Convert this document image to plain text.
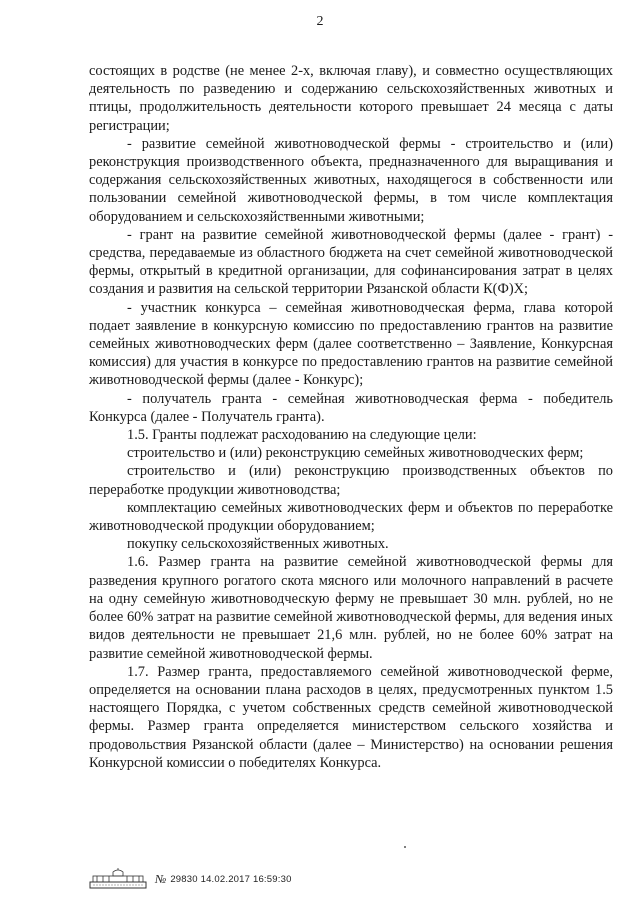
2

состоящих в родстве (не менее 2-х, включая главу), и совместно осуществляющих деятельность по разведению и содержанию сельскохозяйственных животных и птицы, продолжительность деятельности которого превышает 24 месяца с даты регистрации;

- развитие семейной животноводческой фермы - строительство и (или) реконструкция производственного объекта, предназначенного для выращивания и содержания сельскохозяйственных животных, находящегося в собственности или пользовании семейной животноводческой фермы, в том числе комплектация оборудованием и сельскохозяйственными животными;

- грант на развитие семейной животноводческой фермы (далее - грант) - средства, передаваемые из областного бюджета на счет семейной животноводческой фермы, открытый в кредитной организации, для софинансирования затрат в целях создания и развития на сельской территории Рязанской области К(Ф)Х;

- участник конкурса – семейная животноводческая ферма, глава которой подает заявление в конкурсную комиссию по предоставлению грантов на развитие семейных животноводческих ферм (далее соответственно – Заявление, Конкурсная комиссия) для участия в конкурсе по предоставлению грантов на развитие семейной животноводческой фермы (далее - Конкурс);

- получатель гранта - семейная животноводческая ферма - победитель Конкурса (далее - Получатель гранта).

1.5. Гранты подлежат расходованию на следующие цели:

строительство и (или) реконструкцию семейных животноводческих ферм;

строительство и (или) реконструкцию производственных объектов по переработке продукции животноводства;

комплектацию семейных животноводческих ферм и объектов по переработке животноводческой продукции оборудованием;

покупку сельскохозяйственных животных.

1.6. Размер гранта на развитие семейной животноводческой фермы для разведения крупного рогатого скота мясного или молочного направлений в расчете на одну семейную животноводческую ферму не превышает 30 млн. рублей, но не более 60% затрат на развитие семейной животноводческой фермы, для ведения иных видов деятельности не превышает 21,6 млн. рублей, но не более 60% затрат на развитие семейной животноводческой фермы.

1.7. Размер гранта, предоставляемого семейной животноводческой ферме, определяется на основании плана расходов в целях, предусмотренных пунктом 1.5 настоящего Порядка, с учетом собственных средств семейной животноводческой фермы. Размер гранта определяется министерством сельского хозяйства и продовольствия Рязанской области (далее – Министерство) на основании решения Конкурсной комиссии о победителях Конкурса.

№ 29830 14.02.2017 16:59:30
